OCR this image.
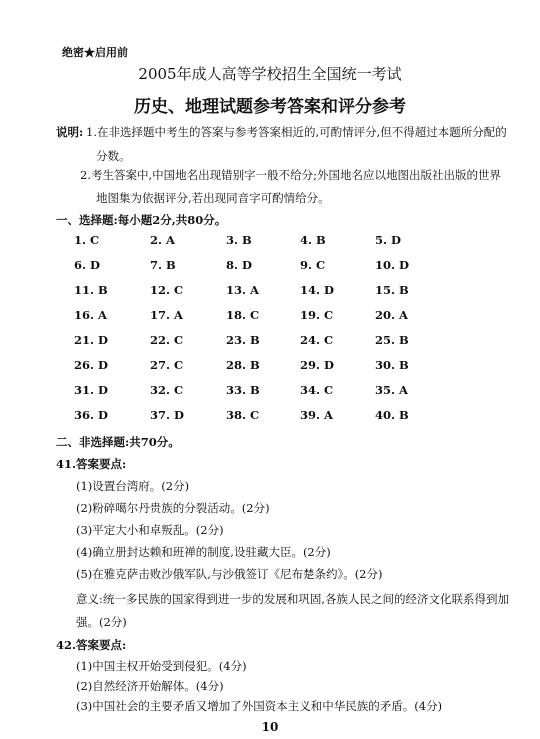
绝密★启用前
2005年成人高等学校招生全国统一考试
历史、地理试题参考答案和评分参考
说明: 1.在非选择题中考生的答案与参考答案相近的,可酌情评分,但不得超过本题所分配的
分数。
2.考生答案中,中国地名出现错别字一般不给分;外国地名应以地图出版社出版的世界
地图集为依据评分,若出现同音字可酌情给分。
一、选择题:每小题2分,共80分。
1. C	2. A	3. B	4. B	5. D
6. D	7. B	8. D	9. C	10. D
11. B	12. C	13. A	14. D	15. B
16. A	17. A	18. C	19. C	20. A
21. D	22. C	23. B	24. C	25. B
26. D	27. C	28. B	29. D	30. B
31. D	32. C	33. B	34. C	35. A
36. D	37. D	38. C	39. A	40. B
二、非选择题:共70分。
41.答案要点:
(1)设置台湾府。(2分)
(2)粉碎噶尔丹贵族的分裂活动。(2分)
(3)平定大小和卓叛乱。(2分)
(4)确立册封达赖和班禅的制度,设驻藏大臣。(2分)
(5)在雅克萨击败沙俄军队,与沙俄签订《尼布楚条约》。(2分)
意义:统一多民族的国家得到进一步的发展和巩固,各族人民之间的经济文化联系得到加
强。(2分)
42.答案要点:
(1)中国主权开始受到侵犯。(4分)
(2)自然经济开始解体。(4分)
(3)中国社会的主要矛盾又增加了外国资本主义和中华民族的矛盾。(4分)
10
